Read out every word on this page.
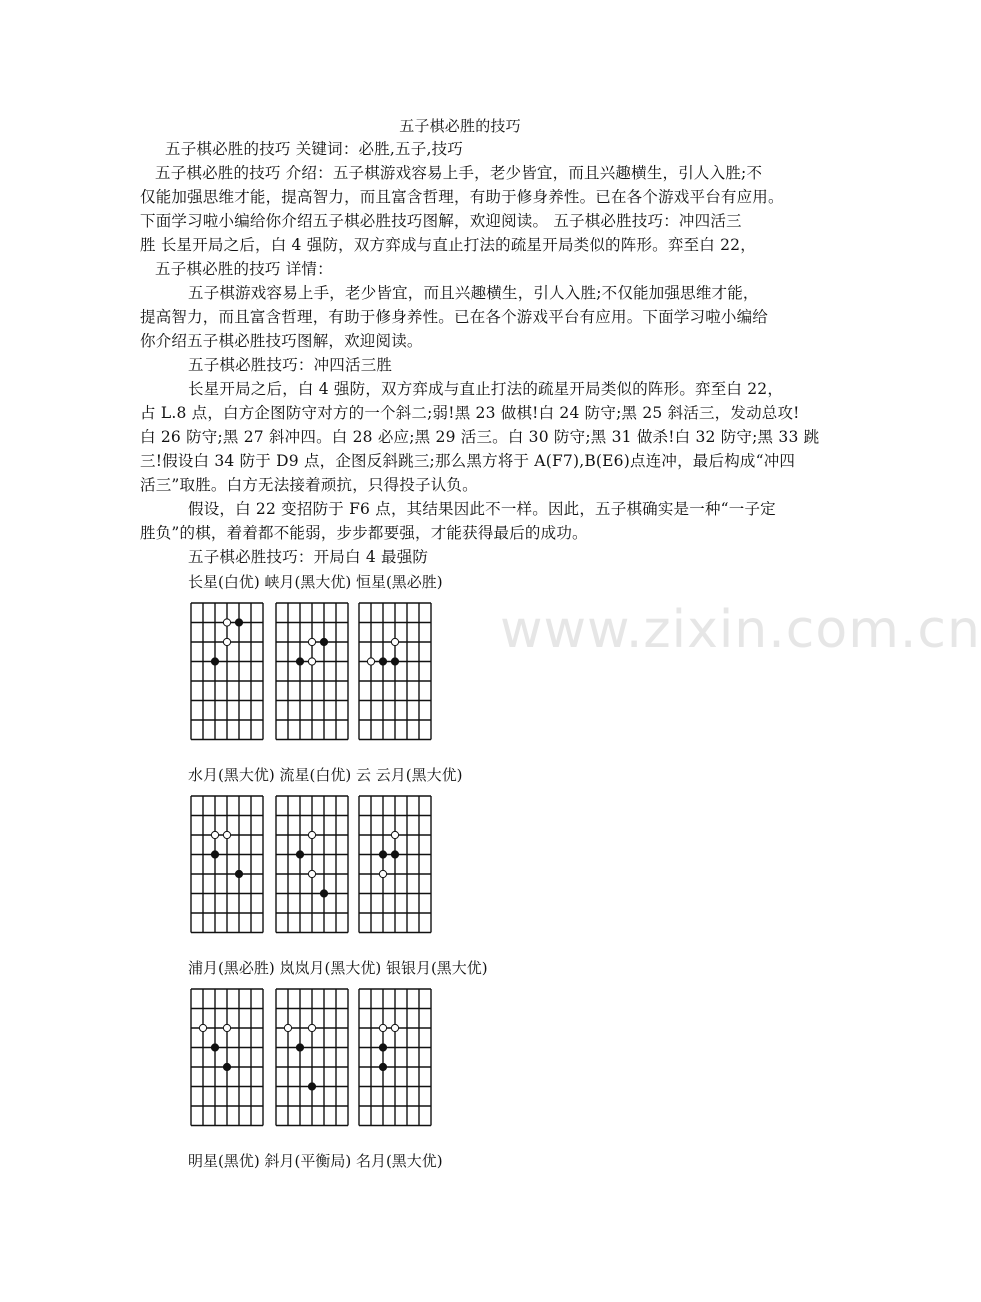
www.zixin.com.cn
五子棋必胜的技巧
五子棋必胜的技巧 关键词：必胜,五子,技巧
五子棋必胜的技巧 介绍：五子棋游戏容易上手，老少皆宜，而且兴趣横生，引人入胜;不
仅能加强思维才能，提高智力，而且富含哲理，有助于修身养性。已在各个游戏平台有应用。
下面学习啦小编给你介绍五子棋必胜技巧图解，欢迎阅读。 五子棋必胜技巧：冲四活三
胜 长星开局之后，白 4 强防，双方弈成与直止打法的疏星开局类似的阵形。弈至白 22，
五子棋必胜的技巧 详情：
五子棋游戏容易上手，老少皆宜，而且兴趣横生，引人入胜;不仅能加强思维才能，
提高智力，而且富含哲理，有助于修身养性。已在各个游戏平台有应用。下面学习啦小编给
你介绍五子棋必胜技巧图解，欢迎阅读。
五子棋必胜技巧：冲四活三胜
长星开局之后，白 4 强防，双方弈成与直止打法的疏星开局类似的阵形。弈至白 22，
占 L.8 点，白方企图防守对方的一个斜二;弱!黑 23 做棋!白 24 防守;黑 25 斜活三，发动总攻!
白 26 防守;黑 27 斜冲四。白 28 必应;黑 29 活三。白 30 防守;黑 31 做杀!白 32 防守;黑 33 跳
三!假设白 34 防于 D9 点，企图反斜跳三;那么黑方将于 A(F7),B(E6)点连冲，最后构成“冲四
活三”取胜。白方无法接着顽抗，只得投子认负。
假设，白 22 变招防于 F6 点，其结果因此不一样。因此，五子棋确实是一种“一子定
胜负”的棋，着着都不能弱，步步都要强，才能获得最后的成功。
五子棋必胜技巧：开局白 4 最强防
长星(白优) 峡月(黑大优) 恒星(黑必胜)
水月(黑大优) 流星(白优) 云 云月(黑大优)
浦月(黑必胜) 岚岚月(黑大优) 银银月(黑大优)
明星(黑优) 斜月(平衡局) 名月(黑大优)
